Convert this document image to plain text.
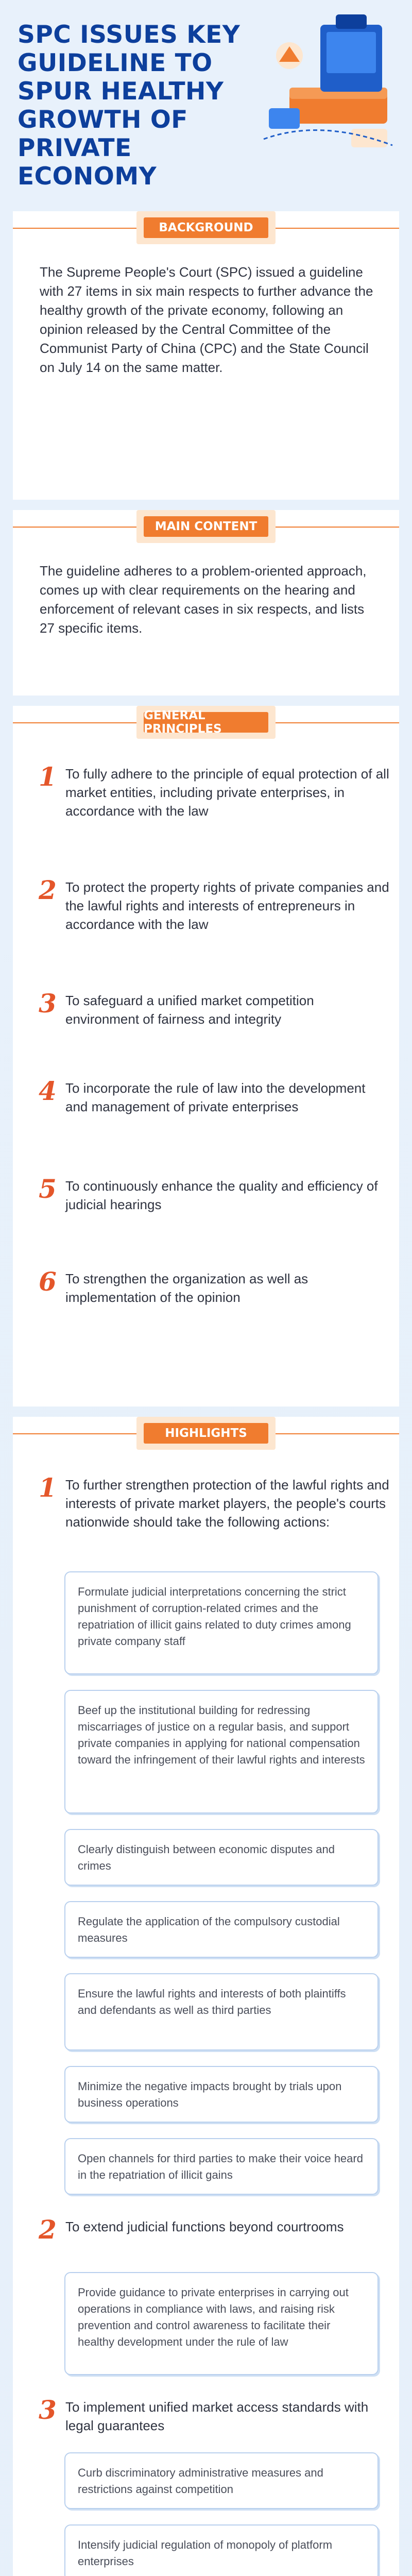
SPC ISSUES KEY GUIDELINE TO SPUR HEALTHY GROWTH OF PRIVATE ECONOMY
BACKGROUND
The Supreme People's Court (SPC) issued a guideline with 27 items in six main respects to further advance the healthy growth of the private economy, following an opinion released by the Central Committee of the Communist Party of China (CPC) and the State Council on July 14 on the same matter.
MAIN CONTENT
The guideline adheres to a problem-oriented approach, comes up with clear requirements on the hearing and enforcement of relevant cases in six respects, and lists 27 specific items.
GENERAL PRINCIPLES
1 To fully adhere to the principle of equal protection of all market entities, including private enterprises, in accordance with the law
2 To protect the property rights of private companies and the lawful rights and interests of entrepreneurs in accordance with the law
3 To safeguard a unified market competition environment of fairness and integrity
4 To incorporate the rule of law into the development and management of private enterprises
5 To continuously enhance the quality and efficiency of judicial hearings
6 To strengthen the organization as well as implementation of the opinion
HIGHLIGHTS
1 To further strengthen protection of the lawful rights and interests of private market players, the people's courts nationwide should take the following actions:
Formulate judicial interpretations concerning the strict punishment of corruption-related crimes and the repatriation of illicit gains related to duty crimes among private company staff
Beef up the institutional building for redressing miscarriages of justice on a regular basis, and support private companies in applying for national compensation toward the infringement of their lawful rights and interests
Clearly distinguish between economic disputes and crimes
Regulate the application of the compulsory custodial measures
Ensure the lawful rights and interests of both plaintiffs and defendants as well as third parties
Minimize the negative impacts brought by trials upon business operations
Open channels for third parties to make their voice heard in the repatriation of illicit gains
2 To extend judicial functions beyond courtrooms
Provide guidance to private enterprises in carrying out operations in compliance with laws, and raising risk prevention and control awareness to facilitate their healthy development under the rule of law
3 To implement unified market access standards with legal guarantees
Curb discriminatory administrative measures and restrictions against competition
Intensify judicial regulation of monopoly of platform enterprises
